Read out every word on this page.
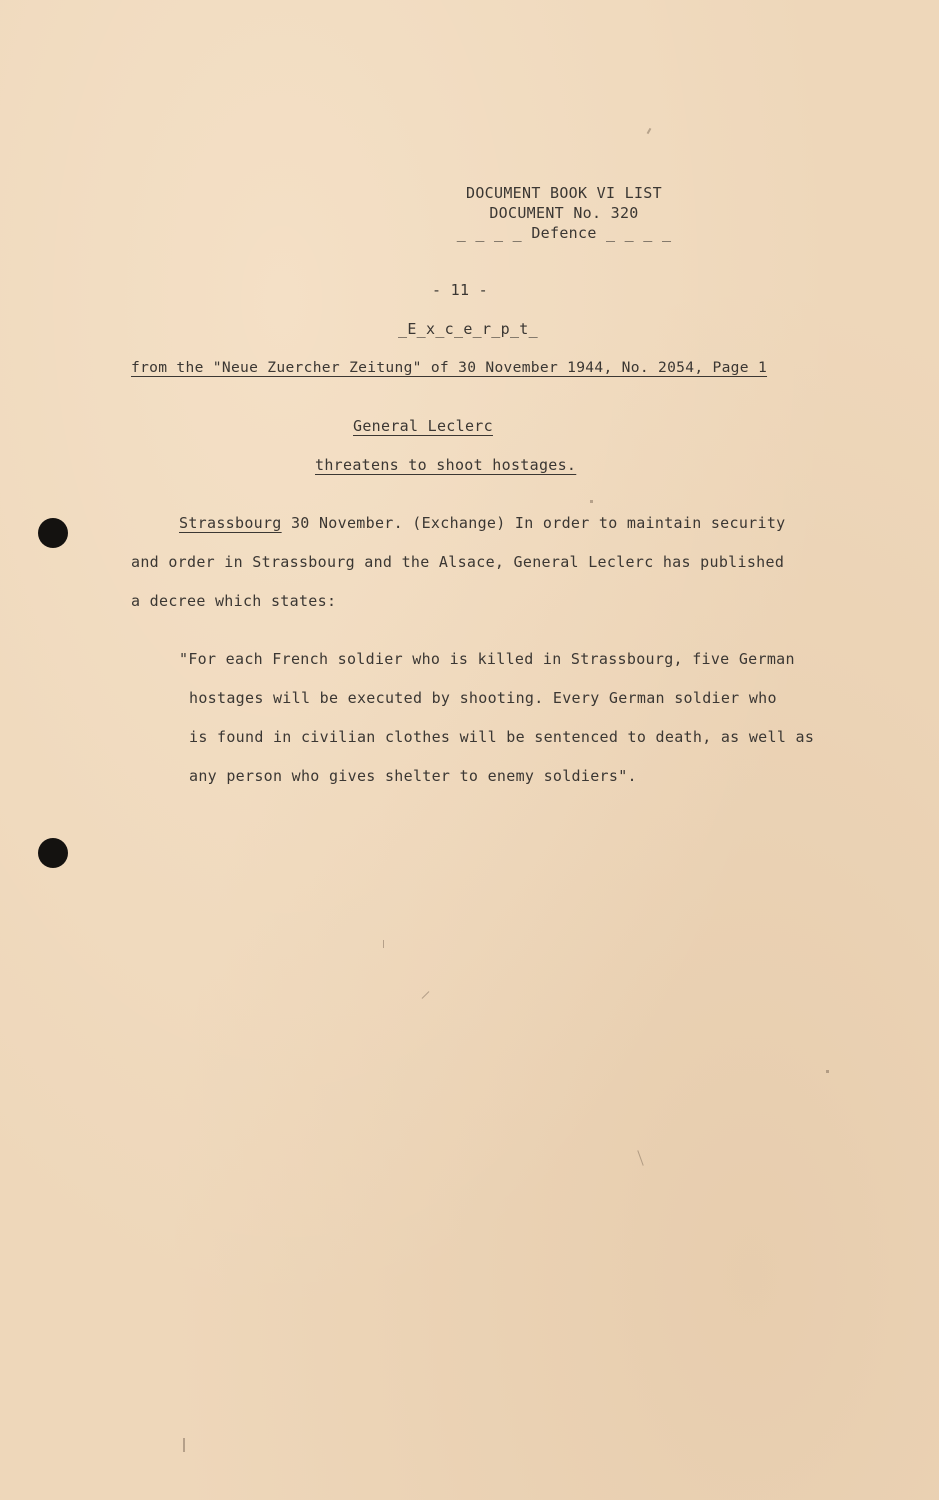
DOCUMENT BOOK VI LIST
DOCUMENT No. 320
_ _ _ _ Defence _ _ _ _
- 11 -
_E_x_c_e_r_p_t_
from the "Neue Zuercher Zeitung" of 30 November 1944, No. 2054, Page 1
General Leclerc
threatens to shoot hostages.
Strassbourg 30 November. (Exchange) In order to maintain security
and order in Strassbourg and the Alsace, General Leclerc has published
a decree which states:
"For each French soldier who is killed in Strassbourg, five German
hostages will be executed by shooting. Every German soldier who
is found in civilian clothes will be sentenced to death, as well as
any person who gives shelter to enemy soldiers".
